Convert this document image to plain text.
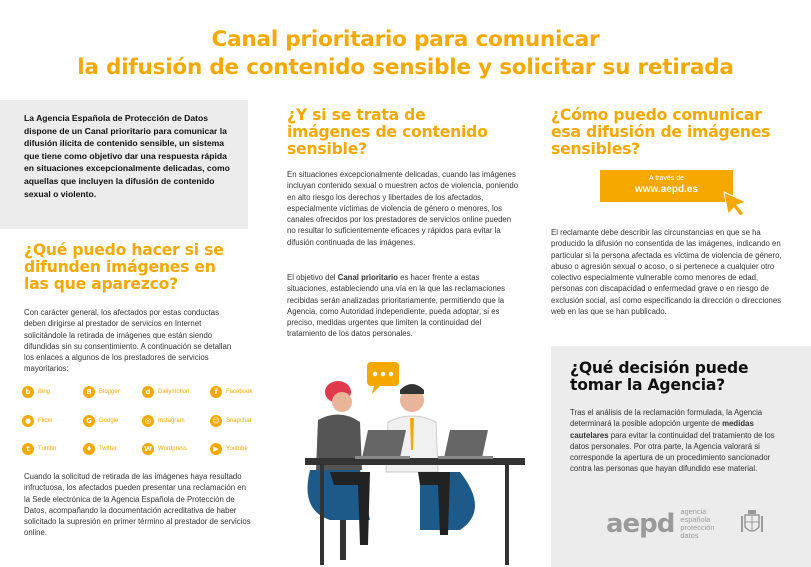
Canal prioritario para comunicar
la difusión de contenido sensible y solicitar su retirada
La Agencia Española de Protección de Datos dispone de un Canal prioritario para comunicar la difusión ilícita de contenido sensible, un sistema que tiene como objetivo dar una respuesta rápida en situaciones excepcionalmente delicadas, como aquellas que incluyen la difusión de contenido sexual o violento.
¿Qué puedo hacer si se difunden imágenes en las que aparezco?
Con carácter general, los afectados por estas conductas deben dirigirse al prestador de servicios en Internet solicitándole la retirada de imágenes que están siendo difundidas sin su consentimiento. A continuación se detallan los enlaces a algunos de los prestadores de servicios mayoritarios:
b	Bing	B	Blogger	d	Dailymotion	f	Facebook
●	Flickr	G	Google	◎	Instagram	☺	Snapchat
t	Tumblr	♦	Twitter	W	Wordpress	▶	Youtube
Cuando la solicitud de retirada de las imágenes haya resultado infructuosa, los afectados pueden presentar una reclamación en la Sede electrónica de la Agencia Española de Protección de Datos, acompañando la documentación acreditativa de haber solicitado la supresión en primer término al prestador de servicios online.
¿Y si se trata de imágenes de contenido sensible?
En situaciones excepcionalmente delicadas, cuando las imágenes incluyan contenido sexual o muestren actos de violencia, poniendo en alto riesgo los derechos y libertades de los afectados, especialmente víctimas de violencia de género o menores, los canales ofrecidos por los prestadores de servicios online pueden no resultar lo suficientemente eficaces y rápidos para evitar la difusión continuada de las imágenes.
El objetivo del Canal prioritario es hacer frente a estas situaciones, estableciendo una vía en la que las reclamaciones recibidas serán analizadas prioritariamente, permitiendo que la Agencia, como Autoridad independiente, pueda adoptar, si es preciso, medidas urgentes que limiten la continuidad del tratamiento de los datos personales.
¿Cómo puedo comunicar esa difusión de imágenes sensibles?
A través de
www.aepd.es
El reclamante debe describir las circunstancias en que se ha producido la difusión no consentida de las imágenes, indicando en particular si la persona afectada es víctima de violencia de género, abuso o agresión sexual o acoso, o si pertenece a cualquier otro colectivo especialmente vulnerable como menores de edad, personas con discapacidad o enfermedad grave o en riesgo de exclusión social, así como especificando la dirección o direcciones web en las que se han publicado.
¿Qué decisión puede tomar la Agencia?
Tras el análisis de la reclamación formulada, la Agencia determinará la posible adopción urgente de medidas cautelares para evitar la continuidad del tratamiento de los datos personales. Por otra parte, la Agencia valorará si corresponde la apertura de un procedimiento sancionador contra las personas que hayan difundido ese material.
aepd agencia
española
protección
datos
